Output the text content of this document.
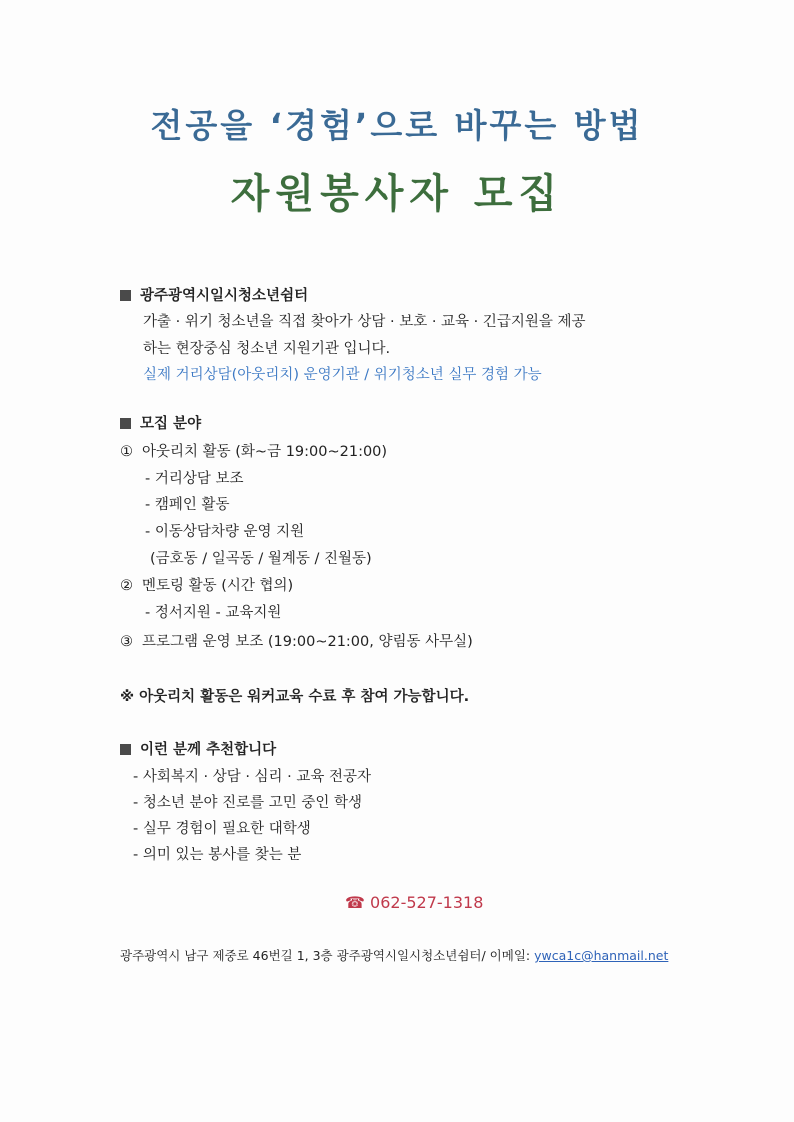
전공을 ‘경험’으로 바꾸는 방법
자원봉사자 모집
광주광역시일시청소년쉼터
가출 · 위기 청소년을 직접 찾아가 상담 · 보호 · 교육 · 긴급지원을 제공
하는 현장중심 청소년 지원기관 입니다.
실제 거리상담(아웃리치) 운영기관 / 위기청소년 실무 경험 가능
모집 분야
① 아웃리치 활동 (화~금 19:00~21:00)
- 거리상담 보조
- 캠페인 활동
- 이동상담차량 운영 지원
(금호동 / 일곡동 / 월계동 / 진월동)
② 멘토링 활동 (시간 협의)
- 정서지원 - 교육지원
③ 프로그램 운영 보조 (19:00~21:00, 양림동 사무실)
※ 아웃리치 활동은 워커교육 수료 후 참여 가능합니다.
이런 분께 추천합니다
- 사회복지 · 상담 · 심리 · 교육 전공자
- 청소년 분야 진로를 고민 중인 학생
- 실무 경험이 필요한 대학생
- 의미 있는 봉사를 찾는 분
☎ 062-527-1318
광주광역시 남구 제중로 46번길 1, 3층 광주광역시일시청소년쉼터/ 이메일: ywca1c@hanmail.net
